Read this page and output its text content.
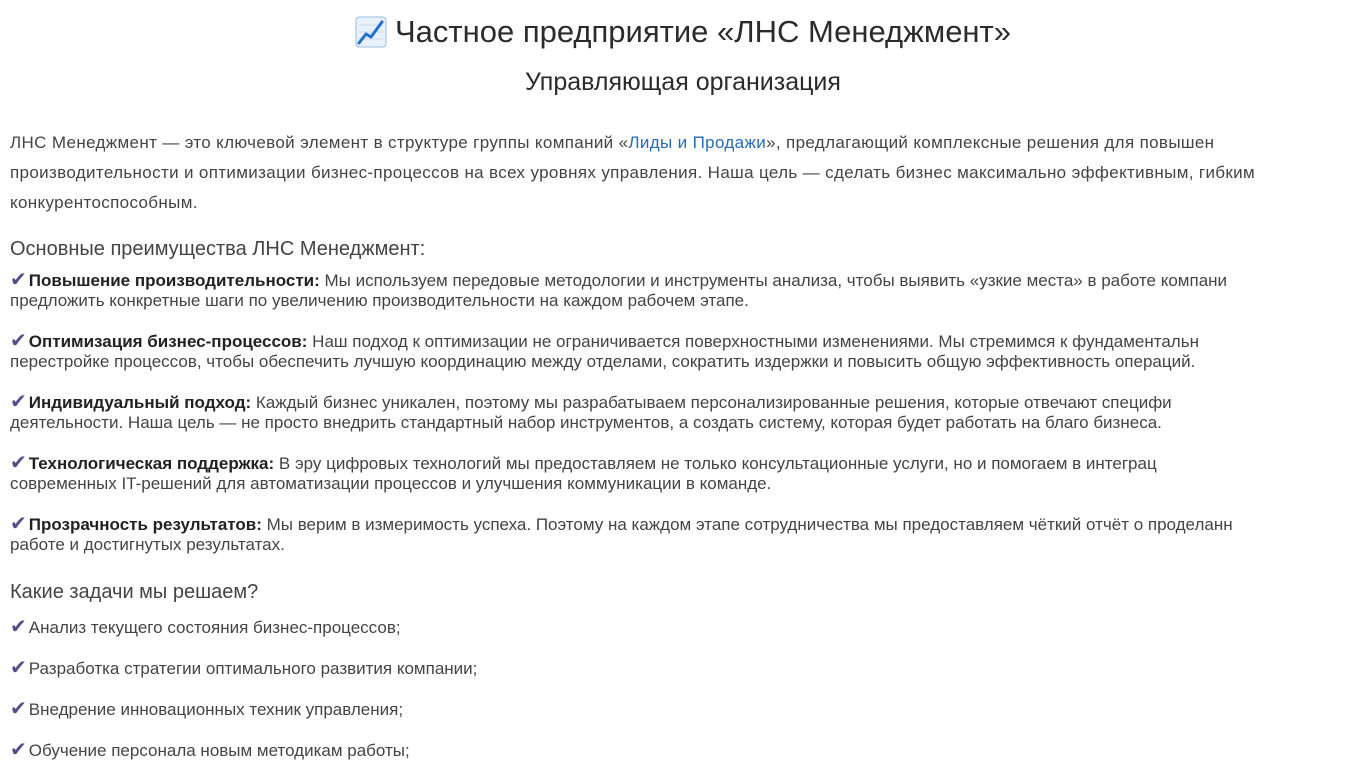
Частное предприятие «ЛНС Менеджмент»
Управляющая организация
ЛНС Менеджмент — это ключевой элемент в структуре группы компаний «Лиды и Продажи», предлагающий комплексные решения для повышен
производительности и оптимизации бизнес-процессов на всех уровнях управления. Наша цель — сделать бизнес максимально эффективным, гибким
конкурентоспособным.
Основные преимущества ЛНС Менеджмент:
✔ Повышение производительности: Мы используем передовые методологии и инструменты анализа, чтобы выявить «узкие места» в работе компани
предложить конкретные шаги по увеличению производительности на каждом рабочем этапе.
✔ Оптимизация бизнес-процессов: Наш подход к оптимизации не ограничивается поверхностными изменениями. Мы стремимся к фундаментальн
перестройке процессов, чтобы обеспечить лучшую координацию между отделами, сократить издержки и повысить общую эффективность операций.
✔ Индивидуальный подход: Каждый бизнес уникален, поэтому мы разрабатываем персонализированные решения, которые отвечают специфи
деятельности. Наша цель — не просто внедрить стандартный набор инструментов, а создать систему, которая будет работать на благо бизнеса.
✔ Технологическая поддержка: В эру цифровых технологий мы предоставляем не только консультационные услуги, но и помогаем в интеграц
современных IT-решений для автоматизации процессов и улучшения коммуникации в команде.
✔ Прозрачность результатов: Мы верим в измеримость успеха. Поэтому на каждом этапе сотрудничества мы предоставляем чёткий отчёт о проделанн
работе и достигнутых результатах.
Какие задачи мы решаем?
✔ Анализ текущего состояния бизнес-процессов;
✔ Разработка стратегии оптимального развития компании;
✔ Внедрение инновационных техник управления;
✔ Обучение персонала новым методикам работы;
